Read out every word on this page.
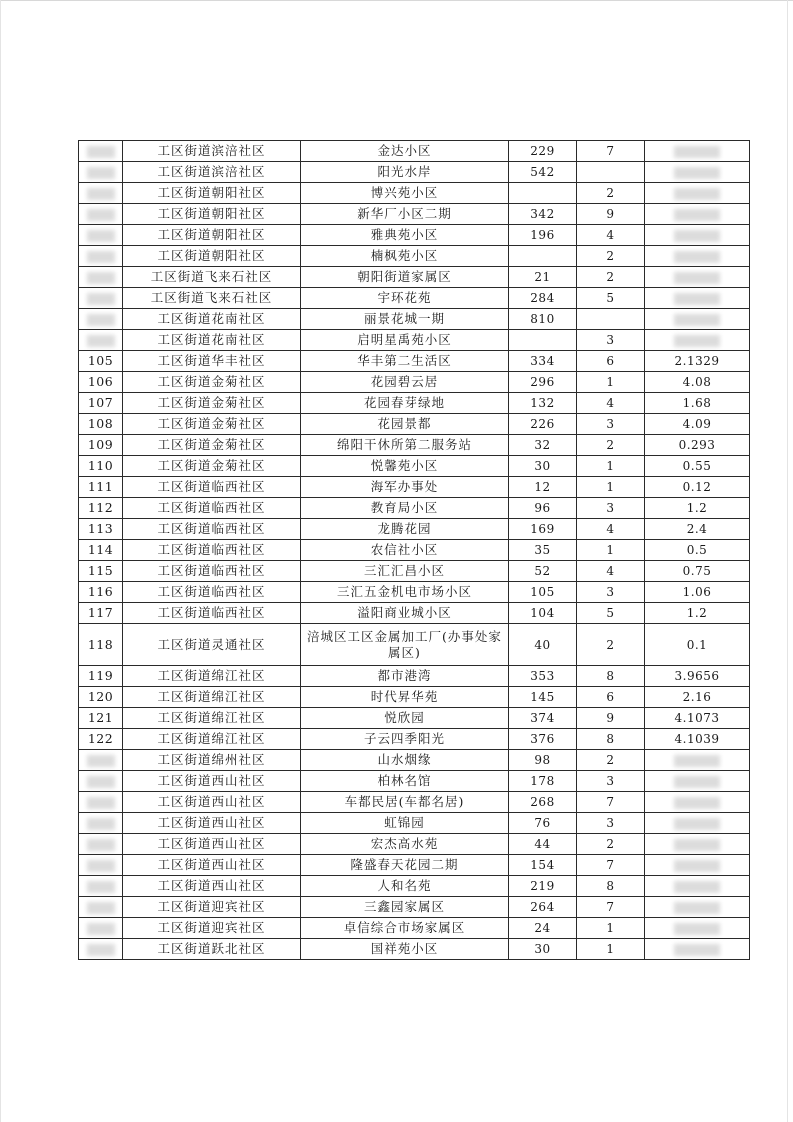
	工区街道滨涪社区	金达小区	229	7	
	工区街道滨涪社区	阳光水岸	542		
	工区街道朝阳社区	博兴苑小区		2	
	工区街道朝阳社区	新华厂小区二期	342	9	
	工区街道朝阳社区	雅典苑小区	196	4	
	工区街道朝阳社区	楠枫苑小区		2	
	工区街道飞来石社区	朝阳街道家属区	21	2	
	工区街道飞来石社区	宇环花苑	284	5	
	工区街道花南社区	丽景花城一期	810		
	工区街道花南社区	启明星禹苑小区		3	
105	工区街道华丰社区	华丰第二生活区	334	6	2.1329
106	工区街道金菊社区	花园碧云居	296	1	4.08
107	工区街道金菊社区	花园春芽绿地	132	4	1.68
108	工区街道金菊社区	花园景都	226	3	4.09
109	工区街道金菊社区	绵阳干休所第二服务站	32	2	0.293
110	工区街道金菊社区	悦馨苑小区	30	1	0.55
111	工区街道临西社区	海军办事处	12	1	0.12
112	工区街道临西社区	教育局小区	96	3	1.2
113	工区街道临西社区	龙腾花园	169	4	2.4
114	工区街道临西社区	农信社小区	35	1	0.5
115	工区街道临西社区	三汇汇昌小区	52	4	0.75
116	工区街道临西社区	三汇五金机电市场小区	105	3	1.06
117	工区街道临西社区	溢阳商业城小区	104	5	1.2
118	工区街道灵通社区	涪城区工区金属加工厂(办事处家属区)	40	2	0.1
119	工区街道绵江社区	都市港湾	353	8	3.9656
120	工区街道绵江社区	时代昇华苑	145	6	2.16
121	工区街道绵江社区	悦欣园	374	9	4.1073
122	工区街道绵江社区	子云四季阳光	376	8	4.1039
	工区街道绵州社区	山水烟缘	98	2	
	工区街道西山社区	柏林名馆	178	3	
	工区街道西山社区	车都民居(车都名居)	268	7	
	工区街道西山社区	虹锦园	76	3	
	工区街道西山社区	宏杰高水苑	44	2	
	工区街道西山社区	隆盛春天花园二期	154	7	
	工区街道西山社区	人和名苑	219	8	
	工区街道迎宾社区	三鑫园家属区	264	7	
	工区街道迎宾社区	卓信综合市场家属区	24	1	
	工区街道跃北社区	国祥苑小区	30	1	
